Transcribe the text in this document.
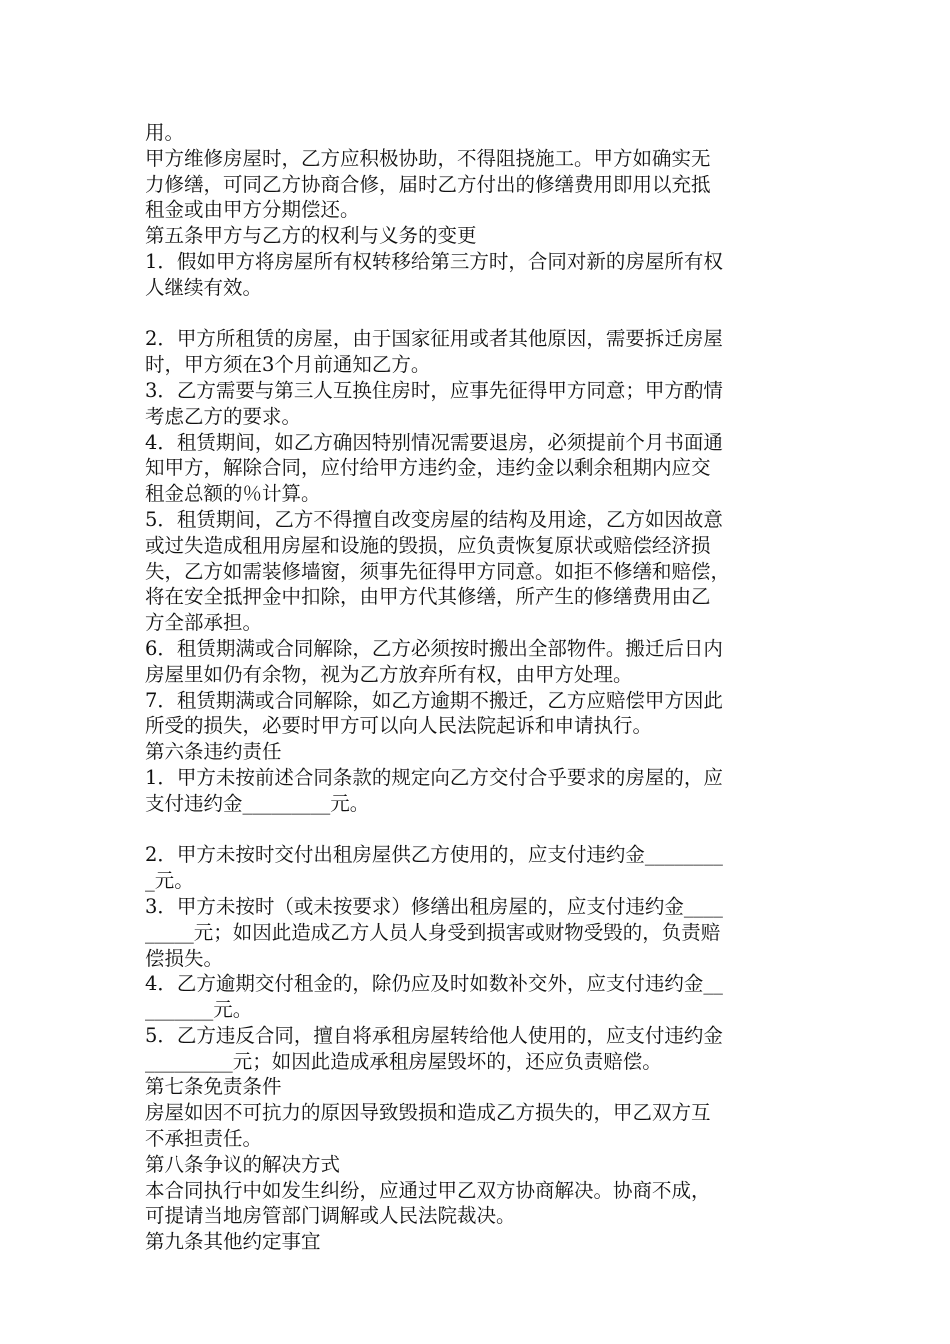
用。
甲方维修房屋时，乙方应积极协助，不得阻挠施工。甲方如确实无
力修缮，可同乙方协商合修，届时乙方付出的修缮费用即用以充抵
租金或由甲方分期偿还。
第五条甲方与乙方的权利与义务的变更
1．假如甲方将房屋所有权转移给第三方时，合同对新的房屋所有权
人继续有效。
2．甲方所租赁的房屋，由于国家征用或者其他原因，需要拆迁房屋
时，甲方须在3个月前通知乙方。
3．乙方需要与第三人互换住房时，应事先征得甲方同意；甲方酌情
考虑乙方的要求。
4．租赁期间，如乙方确因特别情况需要退房，必须提前个月书面通
知甲方，解除合同，应付给甲方违约金，违约金以剩余租期内应交
租金总额的％计算。
5．租赁期间，乙方不得擅自改变房屋的结构及用途，乙方如因故意
或过失造成租用房屋和设施的毁损，应负责恢复原状或赔偿经济损
失，乙方如需装修墙窗，须事先征得甲方同意。如拒不修缮和赔偿，
将在安全抵押金中扣除，由甲方代其修缮，所产生的修缮费用由乙
方全部承担。
6．租赁期满或合同解除，乙方必须按时搬出全部物件。搬迁后日内
房屋里如仍有余物，视为乙方放弃所有权，由甲方处理。
7．租赁期满或合同解除，如乙方逾期不搬迁，乙方应赔偿甲方因此
所受的损失，必要时甲方可以向人民法院起诉和申请执行。
第六条违约责任
1．甲方未按前述合同条款的规定向乙方交付合乎要求的房屋的，应
支付违约金_________元。
2．甲方未按时交付出租房屋供乙方使用的，应支付违约金________
_元。
3．甲方未按时（或未按要求）修缮出租房屋的，应支付违约金____
_____元；如因此造成乙方人员人身受到损害或财物受毁的，负责赔
偿损失。
4．乙方逾期交付租金的，除仍应及时如数补交外，应支付违约金__
_______元。
5．乙方违反合同，擅自将承租房屋转给他人使用的，应支付违约金
_________元；如因此造成承租房屋毁坏的，还应负责赔偿。
第七条免责条件
房屋如因不可抗力的原因导致毁损和造成乙方损失的，甲乙双方互
不承担责任。
第八条争议的解决方式
本合同执行中如发生纠纷，应通过甲乙双方协商解决。协商不成，
可提请当地房管部门调解或人民法院裁决。
第九条其他约定事宜
